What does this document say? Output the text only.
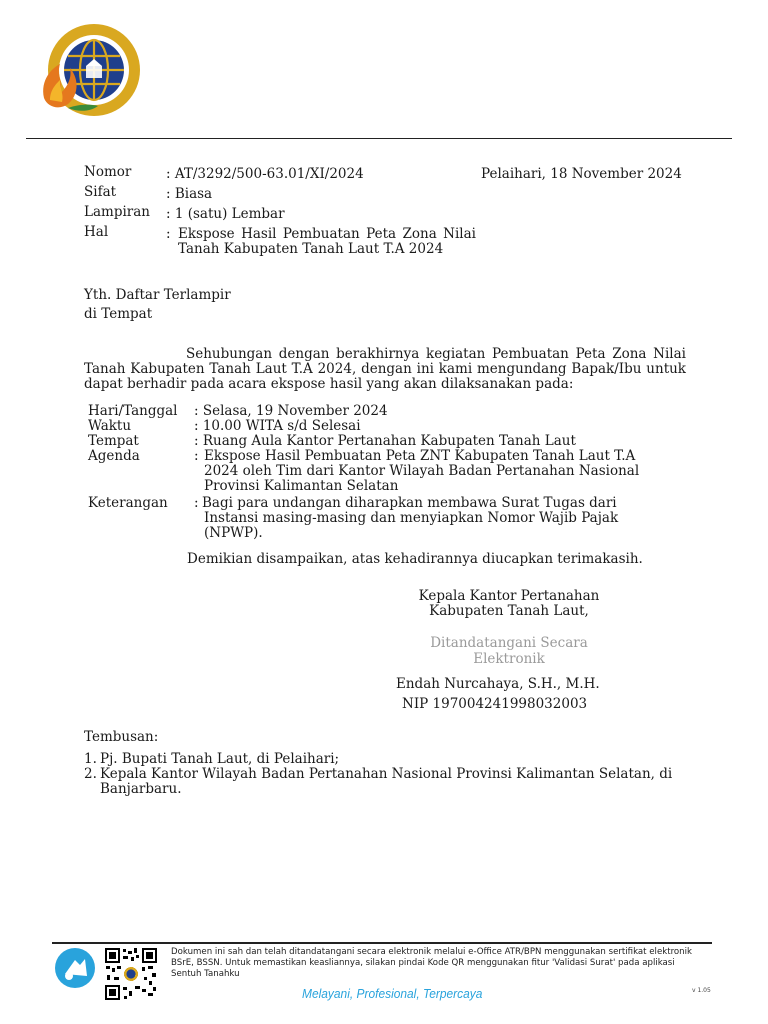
Nomor	: AT/3292/500-63.01/XI/2024	Pelaihari, 18 November 2024
Sifat	: Biasa
Lampiran : 1 (satu) Lembar
Hal	: Ekspose Hasil Pembuatan Peta Zona Nilai Tanah Kabupaten Tanah Laut T.A 2024
Yth. Daftar Terlampir
di Tempat
Sehubungan dengan berakhirnya kegiatan Pembuatan Peta Zona Nilai Tanah Kabupaten Tanah Laut T.A 2024, dengan ini kami mengundang Bapak/Ibu untuk dapat berhadir pada acara ekspose hasil yang akan dilaksanakan pada:
Hari/Tanggal : Selasa, 19 November 2024
Waktu	: 10.00 WITA s/d Selesai
Tempat	: Ruang Aula Kantor Pertanahan Kabupaten Tanah Laut
Agenda	: Ekspose Hasil Pembuatan Peta ZNT Kabupaten Tanah Laut T.A 2024 oleh Tim dari Kantor Wilayah Badan Pertanahan Nasional Provinsi Kalimantan Selatan
Keterangan : Bagi para undangan diharapkan membawa Surat Tugas dari Instansi masing-masing dan menyiapkan Nomor Wajib Pajak (NPWP).
Demikian disampaikan, atas kehadirannya diucapkan terimakasih.
Kepala Kantor Pertanahan
Kabupaten Tanah Laut,
Ditandatangani Secara
Elektronik
Endah Nurcahaya, S.H., M.H.
NIP 197004241998032003
Tembusan:
1. Pj. Bupati Tanah Laut, di Pelaihari;
2. Kepala Kantor Wilayah Badan Pertanahan Nasional Provinsi Kalimantan Selatan, di
Banjarbaru.
Dokumen ini sah dan telah ditandatangani secara elektronik melalui e-Office ATR/BPN menggunakan sertifikat elektronik BSrE, BSSN. Untuk memastikan keasliannya, silakan pindai Kode QR menggunakan fitur 'Validasi Surat' pada aplikasi Sentuh Tanahku
Melayani, Profesional, Terpercaya	v 1.05
